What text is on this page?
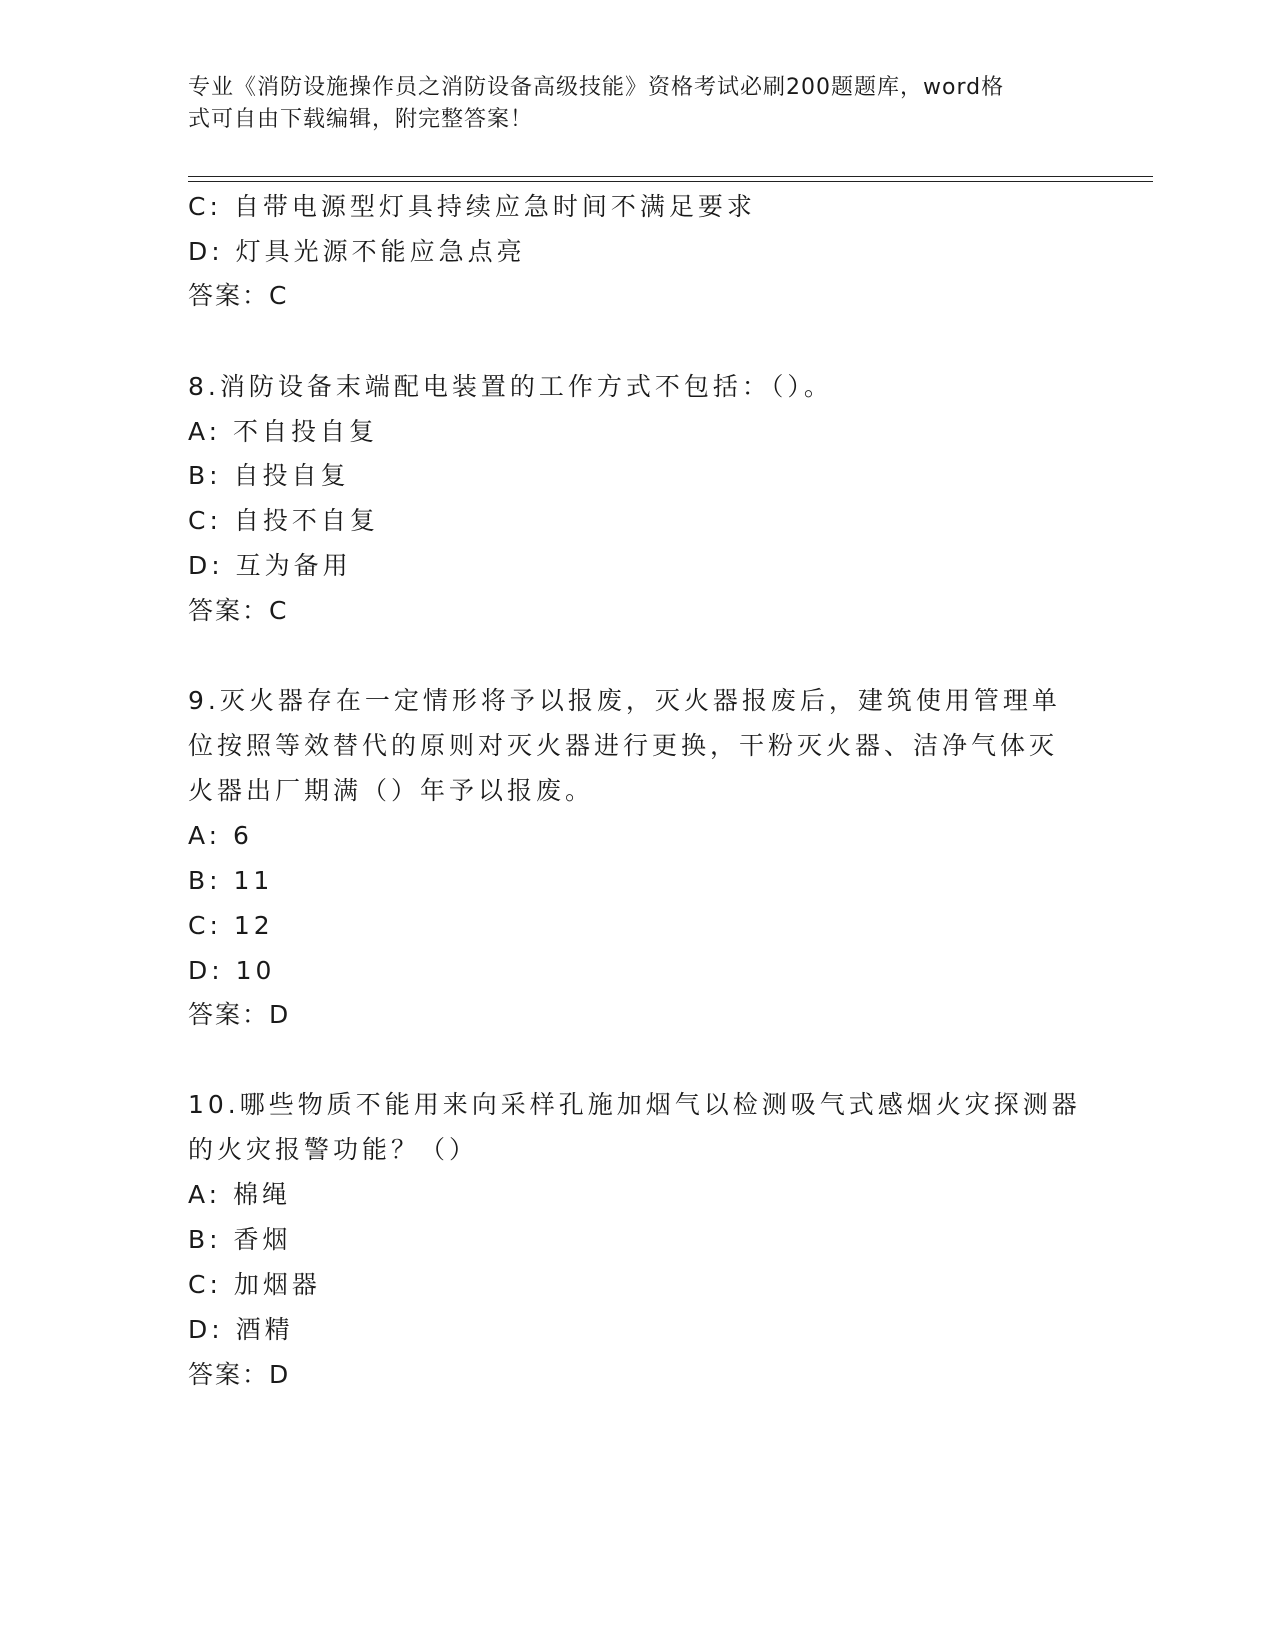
专业《消防设施操作员之消防设备高级技能》资格考试必刷200题题库，word格
式可自由下载编辑，附完整答案！
C: 自带电源型灯具持续应急时间不满足要求
D: 灯具光源不能应急点亮
答案：C
8.消防设备末端配电装置的工作方式不包括：（）。
A: 不自投自复
B: 自投自复
C: 自投不自复
D: 互为备用
答案：C
9.灭火器存在一定情形将予以报废，灭火器报废后，建筑使用管理单
位按照等效替代的原则对灭火器进行更换，干粉灭火器、洁净气体灭
火器出厂期满（）年予以报废。
A: 6
B: 11
C: 12
D: 10
答案：D
10.哪些物质不能用来向采样孔施加烟气以检测吸气式感烟火灾探测器
的火灾报警功能？（）
A: 棉绳
B: 香烟
C: 加烟器
D: 酒精
答案：D
